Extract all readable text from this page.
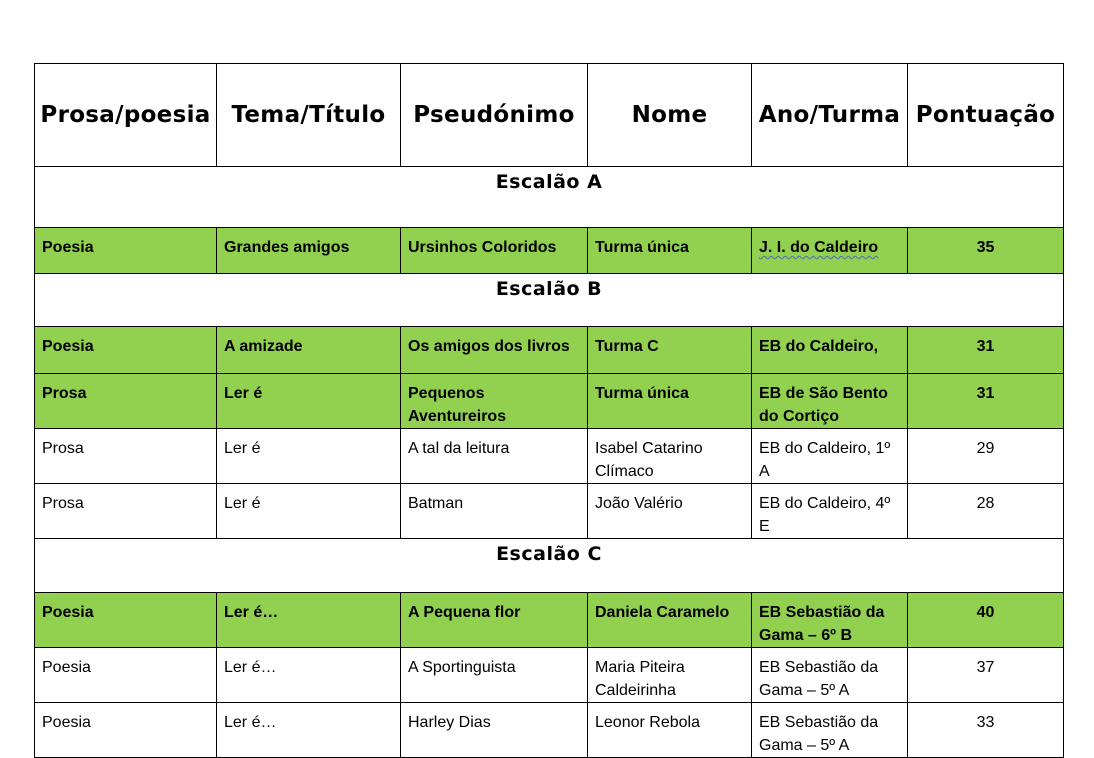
Prosa/poesia	Tema/Título	Pseudónimo	Nome	Ano/Turma	Pontuação
Escalão A					
Poesia	Grandes amigos	Ursinhos Coloridos	Turma única	J. I. do Caldeiro	35
Escalão B					
Poesia	A amizade	Os amigos dos livros	Turma C	EB do Caldeiro,	31
Prosa	Ler é	Pequenos Aventureiros	Turma única	EB de São Bento do Cortiço	31
Prosa	Ler é	A tal da leitura	Isabel Catarino Clímaco	EB do Caldeiro, 1º A	29
Prosa	Ler é	Batman	João Valério	EB do Caldeiro, 4º E	28
Escalão C					
Poesia	Ler é…	A Pequena flor	Daniela Caramelo	EB Sebastião da Gama – 6º B	40
Poesia	Ler é…	A Sportinguista	Maria Piteira Caldeirinha	EB Sebastião da Gama – 5º A	37
Poesia	Ler é…	Harley Dias	Leonor Rebola	EB Sebastião da Gama – 5º A	33
